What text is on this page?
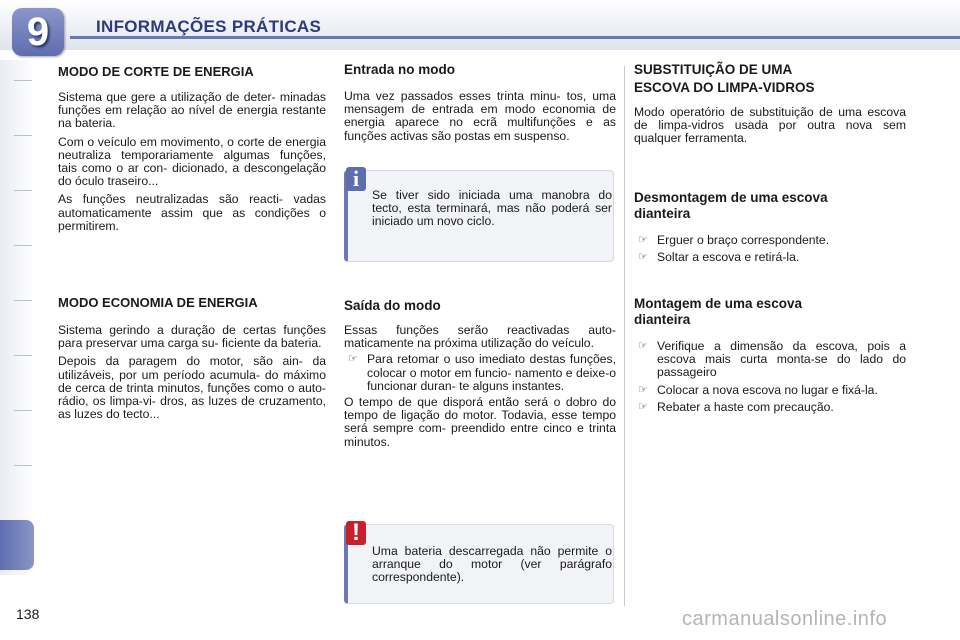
9	INFORMAÇÕES PRÁTICAS
MODO DE CORTE DE ENERGIA

Sistema que gere a utilização de deter- minadas funções em relação ao nível de energia restante na bateria.

Com o veículo em movimento, o corte de energia neutraliza temporariamente algumas funções, tais como o ar con- dicionado, a descongelação do óculo traseiro...

As funções neutralizadas são reacti- vadas automaticamente assim que as condições o permitirem.

MODO ECONOMIA DE ENERGIA

Sistema gerindo a duração de certas funções para preservar uma carga su- ficiente da bateria.

Depois da paragem do motor, são ain- da utilizáveis, por um período acumula- do máximo de cerca de trinta minutos, funções como o auto-rádio, os limpa-vi- dros, as luzes de cruzamento, as luzes do tecto...

Entrada no modo

Uma vez passados esses trinta minu- tos, uma mensagem de entrada em modo economia de energia aparece no ecrã multifunções e as funções activas são postas em suspenso.

i
Se tiver sido iniciada uma manobra do tecto, esta terminará, mas não poderá ser iniciado um novo ciclo.
Saída do modo

Essas funções serão reactivadas auto- maticamente na próxima utilização do veículo.

☞ Para retomar o uso imediato destas funções, colocar o motor em funcio- namento e deixe-o funcionar duran- te alguns instantes.

O tempo de que disporá então será o dobro do tempo de ligação do motor. Todavia, esse tempo será sempre com- preendido entre cinco e trinta minutos.

!
Uma bateria descarregada não permite o arranque do motor (ver parágrafo correspondente).
SUBSTITUIÇÃO DE UMA
ESCOVA DO LIMPA-VIDROS

Modo operatório de substituição de uma escova de limpa-vidros usada por outra nova sem qualquer ferramenta.

Desmontagem de uma escova
dianteira
☞ Erguer o braço correspondente.
☞ Soltar a escova e retirá-la.
Montagem de uma escova
dianteira
☞ Verifique a dimensão da escova, pois a escova mais curta monta-se do lado do passageiro
☞ Colocar a nova escova no lugar e fixá-la.
☞ Rebater a haste com precaução.
138	carmanualsonline.info
